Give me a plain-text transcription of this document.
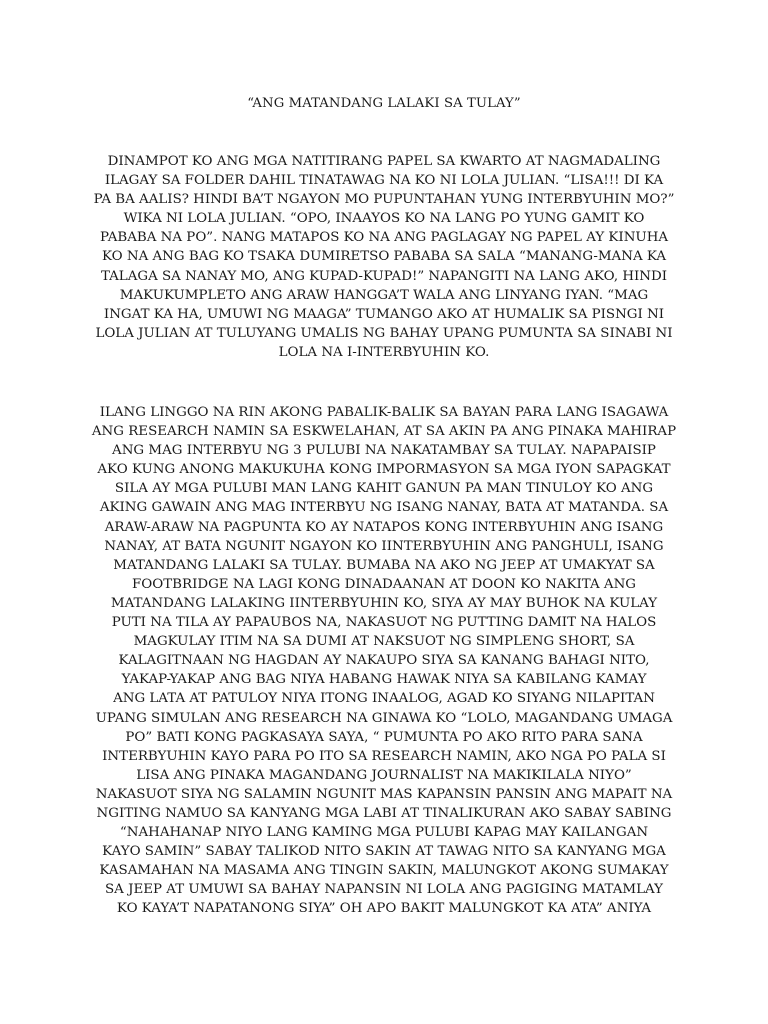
“ANG MATANDANG LALAKI SA TULAY”
DINAMPOT KO ANG MGA NATITIRANG PAPEL SA KWARTO AT NAGMADALING
ILAGAY SA FOLDER DAHIL TINATAWAG NA KO NI LOLA JULIAN. “LISA!!! DI KA
PA BA AALIS? HINDI BA’T NGAYON MO PUPUNTAHAN YUNG INTERBYUHIN MO?”
WIKA NI LOLA JULIAN. “OPO, INAAYOS KO NA LANG PO YUNG GAMIT KO
PABABA NA PO”. NANG MATAPOS KO NA ANG PAGLAGAY NG PAPEL AY KINUHA
KO NA ANG BAG KO TSAKA DUMIRETSO PABABA SA SALA “MANANG-MANA KA
TALAGA SA NANAY MO, ANG KUPAD-KUPAD!” NAPANGITI NA LANG AKO, HINDI
MAKUKUMPLETO ANG ARAW HANGGA’T WALA ANG LINYANG IYAN. “MAG
INGAT KA HA, UMUWI NG MAAGA” TUMANGO AKO AT HUMALIK SA PISNGI NI
LOLA JULIAN AT TULUYANG UMALIS NG BAHAY UPANG PUMUNTA SA SINABI NI
LOLA NA I-INTERBYUHIN KO.
ILANG LINGGO NA RIN AKONG PABALIK-BALIK SA BAYAN PARA LANG ISAGAWA
ANG RESEARCH NAMIN SA ESKWELAHAN, AT SA AKIN PA ANG PINAKA MAHIRAP
ANG MAG INTERBYU NG 3 PULUBI NA NAKATAMBAY SA TULAY. NAPAPAISIP
AKO KUNG ANONG MAKUKUHA KONG IMPORMASYON SA MGA IYON SAPAGKAT
SILA AY MGA PULUBI MAN LANG KAHIT GANUN PA MAN TINULOY KO ANG
AKING GAWAIN ANG MAG INTERBYU NG ISANG NANAY, BATA AT MATANDA. SA
ARAW-ARAW NA PAGPUNTA KO AY NATAPOS KONG INTERBYUHIN ANG ISANG
NANAY, AT BATA NGUNIT NGAYON KO IINTERBYUHIN ANG PANGHULI, ISANG
MATANDANG LALAKI SA TULAY. BUMABA NA AKO NG JEEP AT UMAKYAT SA
FOOTBRIDGE NA LAGI KONG DINADAANAN AT DOON KO NAKITA ANG
MATANDANG LALAKING IINTERBYUHIN KO, SIYA AY MAY BUHOK NA KULAY
PUTI NA TILA AY PAPAUBOS NA, NAKASUOT NG PUTTING DAMIT NA HALOS
MAGKULAY ITIM NA SA DUMI AT NAKSUOT NG SIMPLENG SHORT, SA
KALAGITNAAN NG HAGDAN AY NAKAUPO SIYA SA KANANG BAHAGI NITO,
YAKAP-YAKAP ANG BAG NIYA HABANG HAWAK NIYA SA KABILANG KAMAY
ANG LATA AT PATULOY NIYA ITONG INAALOG, AGAD KO SIYANG NILAPITAN
UPANG SIMULAN ANG RESEARCH NA GINAWA KO “LOLO, MAGANDANG UMAGA
PO” BATI KONG PAGKASAYA SAYA, “ PUMUNTA PO AKO RITO PARA SANA
INTERBYUHIN KAYO PARA PO ITO SA RESEARCH NAMIN, AKO NGA PO PALA SI
LISA ANG PINAKA MAGANDANG JOURNALIST NA MAKIKILALA NIYO”
NAKASUOT SIYA NG SALAMIN NGUNIT MAS KAPANSIN PANSIN ANG MAPAIT NA
NGITING NAMUO SA KANYANG MGA LABI AT TINALIKURAN AKO SABAY SABING
“NAHAHANAP NIYO LANG KAMING MGA PULUBI KAPAG MAY KAILANGAN
KAYO SAMIN” SABAY TALIKOD NITO SAKIN AT TAWAG NITO SA KANYANG MGA
KASAMAHAN NA MASAMA ANG TINGIN SAKIN, MALUNGKOT AKONG SUMAKAY
SA JEEP AT UMUWI SA BAHAY NAPANSIN NI LOLA ANG PAGIGING MATAMLAY
KO KAYA’T NAPATANONG SIYA” OH APO BAKIT MALUNGKOT KA ATA” ANIYA
